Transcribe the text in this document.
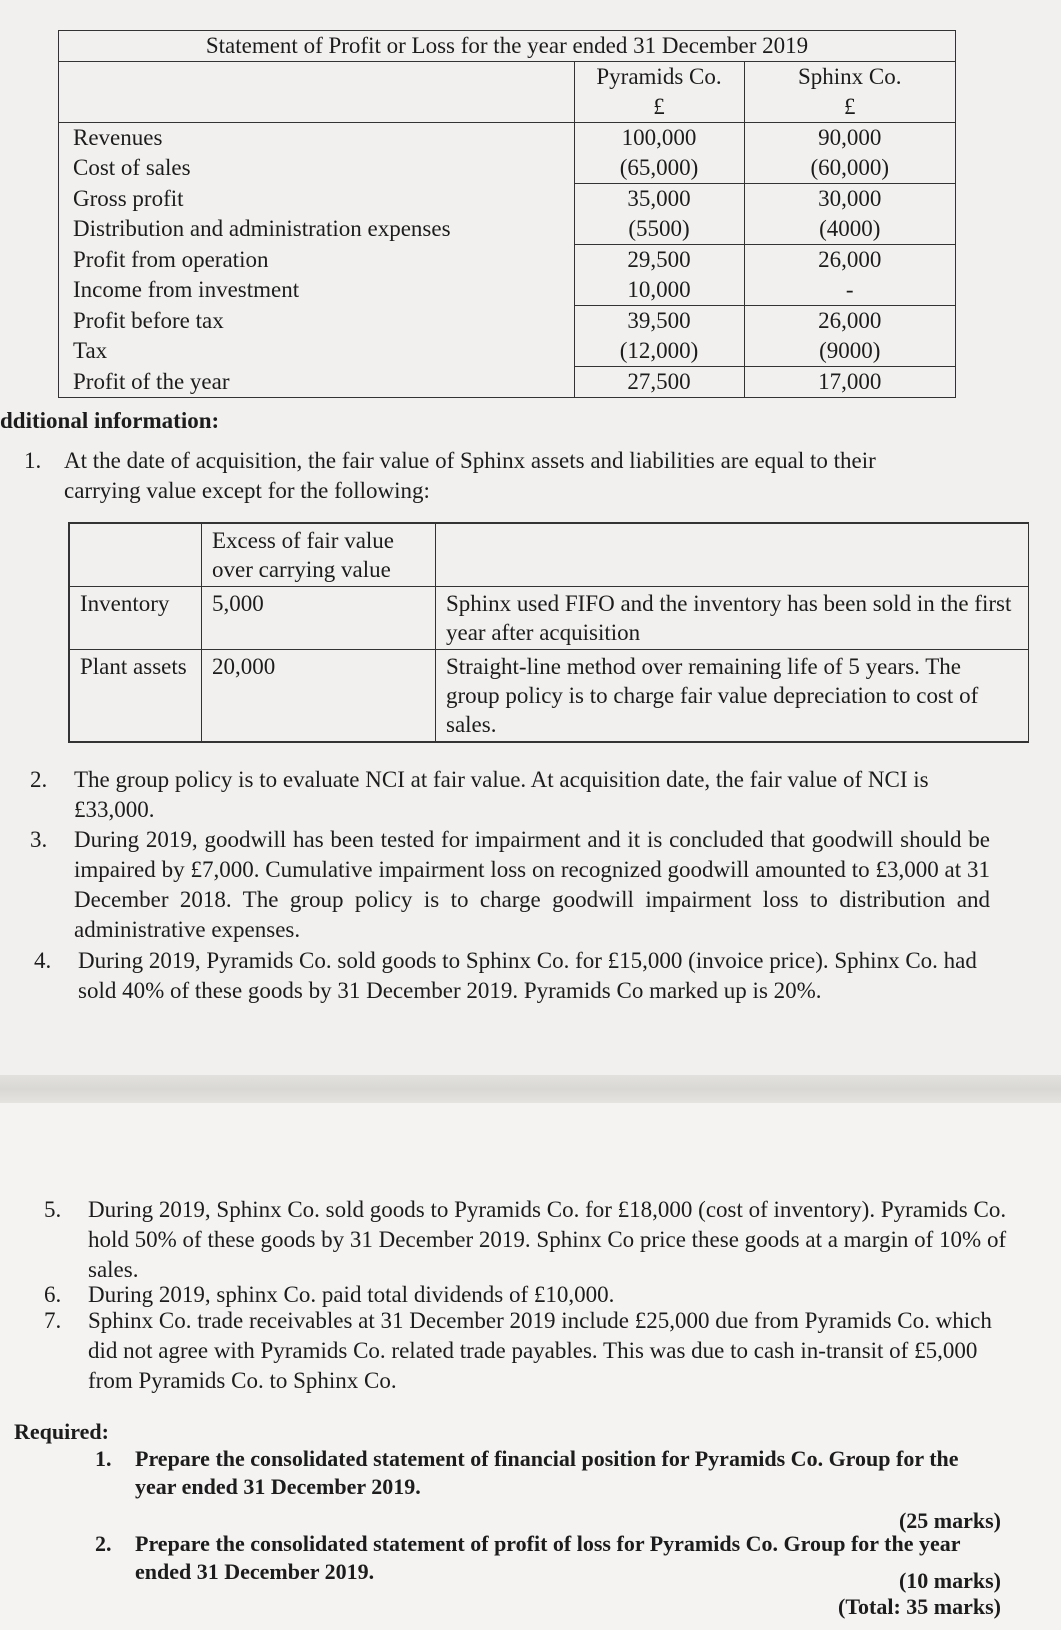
Statement of Profit or Loss for the year ended 31 December 2019
	Pyramids Co.	Sphinx Co.
	£	£
Revenues	100,000	90,000
Cost of sales	(65,000)	(60,000)
Gross profit	35,000	30,000
Distribution and administration expenses	(5500)	(4000)
Profit from operation	29,500	26,000
Income from investment	10,000	-
Profit before tax	39,500	26,000
Tax	(12,000)	(9000)
Profit of the year	27,500	17,000
dditional information:
1. At the date of acquisition, the fair value of Sphinx assets and liabilities are equal to their carrying value except for the following:
	Excess of fair value over carrying value	
Inventory	5,000	Sphinx used FIFO and the inventory has been sold in the first year after acquisition
Plant assets	20,000	Straight-line method over remaining life of 5 years. The group policy is to charge fair value depreciation to cost of sales.
2.	The group policy is to evaluate NCI at fair value. At acquisition date, the fair value of NCI is £33,000.
3.	During 2019, goodwill has been tested for impairment and it is concluded that goodwill should be impaired by £7,000. Cumulative impairment loss on recognized goodwill amounted to £3,000 at 31 December 2018. The group policy is to charge goodwill impairment loss to distribution and administrative expenses.
4.	During 2019, Pyramids Co. sold goods to Sphinx Co. for £15,000 (invoice price). Sphinx Co. had sold 40% of these goods by 31 December 2019. Pyramids Co marked up is 20%.
5.	During 2019, Sphinx Co. sold goods to Pyramids Co. for £18,000 (cost of inventory). Pyramids Co. hold 50% of these goods by 31 December 2019. Sphinx Co price these goods at a margin of 10% of sales.
6.	During 2019, sphinx Co. paid total dividends of £10,000.
7.	Sphinx Co. trade receivables at 31 December 2019 include £25,000 due from Pyramids Co. which did not agree with Pyramids Co. related trade payables. This was due to cash in-transit of £5,000 from Pyramids Co. to Sphinx Co.
Required:
1.	Prepare the consolidated statement of financial position for Pyramids Co. Group for the year ended 31 December 2019.
(25 marks)
2.	Prepare the consolidated statement of profit of loss for Pyramids Co. Group for the year ended 31 December 2019.	(10 marks)
(Total: 35 marks)
